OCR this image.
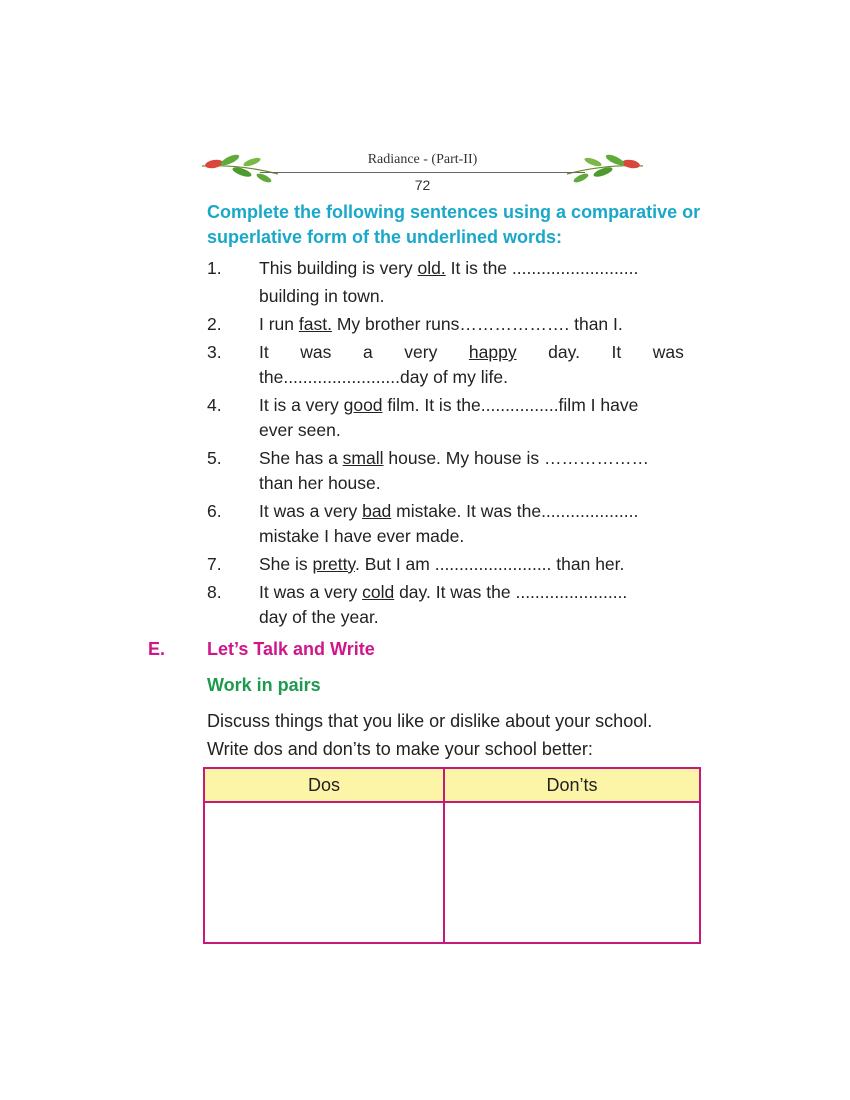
Radiance - (Part-II)
72
Complete the following sentences using a comparative or superlative form of the underlined words:
1. This building is very old. It is the ..........................
building in town.
2. I run fast. My brother runs………………. than I.
3. It was a very happy day. It was
the........................day of my life.
4. It is a very good film. It is the................film I have
ever seen.
5. She has a small house. My house is ………………
than her house.
6. It was a very bad mistake. It was the....................
mistake I have ever made.
7. She is pretty. But I am ........................ than her.
8. It was a very cold day. It was the .......................
day of the year.
E. Let’s Talk and Write
Work in pairs
Discuss things that you like or dislike about your school.
Write dos and don’ts to make your school better:
Dos	Don’ts
